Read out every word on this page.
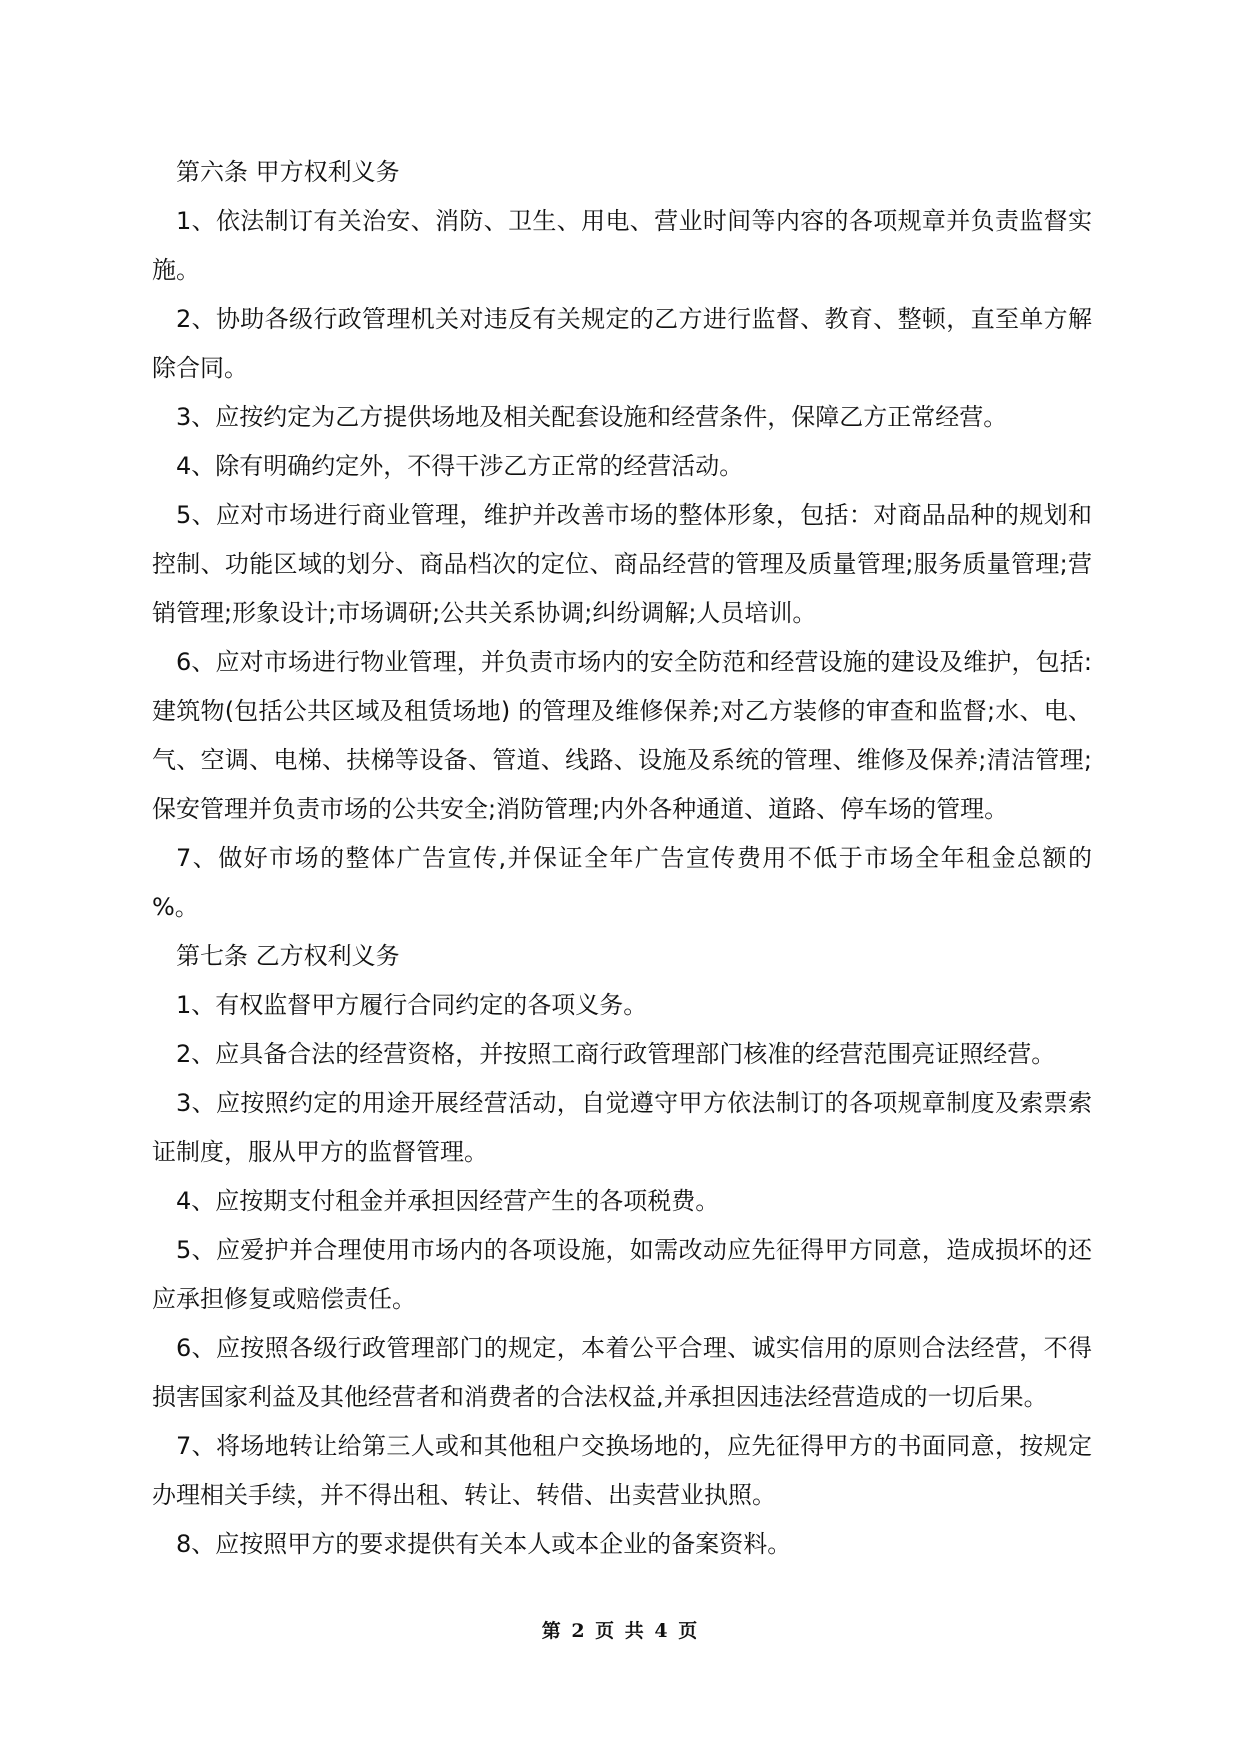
第六条 甲方权利义务

1、依法制订有关治安、消防、卫生、用电、营业时间等内容的各项规章并负责监督实施。

2、协助各级行政管理机关对违反有关规定的乙方进行监督、教育、整顿，直至单方解除合同。

3、应按约定为乙方提供场地及相关配套设施和经营条件，保障乙方正常经营。

4、除有明确约定外，不得干涉乙方正常的经营活动。

5、应对市场进行商业管理，维护并改善市场的整体形象，包括：对商品品种的规划和控制、功能区域的划分、商品档次的定位、商品经营的管理及质量管理;服务质量管理;营销管理;形象设计;市场调研;公共关系协调;纠纷调解;人员培训。

6、应对市场进行物业管理，并负责市场内的安全防范和经营设施的建设及维护，包括: 建筑物(包括公共区域及租赁场地) 的管理及维修保养;对乙方装修的审查和监督;水、电、气、空调、电梯、扶梯等设备、管道、线路、设施及系统的管理、维修及保养;清洁管理;保安管理并负责市场的公共安全;消防管理;内外各种通道、道路、停车场的管理。

7、做好市场的整体广告宣传,并保证全年广告宣传费用不低于市场全年租金总额的 %。

第七条 乙方权利义务

1、有权监督甲方履行合同约定的各项义务。

2、应具备合法的经营资格，并按照工商行政管理部门核准的经营范围亮证照经营。

3、应按照约定的用途开展经营活动，自觉遵守甲方依法制订的各项规章制度及索票索证制度，服从甲方的监督管理。

4、应按期支付租金并承担因经营产生的各项税费。

5、应爱护并合理使用市场内的各项设施，如需改动应先征得甲方同意，造成损坏的还应承担修复或赔偿责任。

6、应按照各级行政管理部门的规定，本着公平合理、诚实信用的原则合法经营，不得损害国家利益及其他经营者和消费者的合法权益,并承担因违法经营造成的一切后果。

7、将场地转让给第三人或和其他租户交换场地的，应先征得甲方的书面同意，按规定办理相关手续，并不得出租、转让、转借、出卖营业执照。

8、应按照甲方的要求提供有关本人或本企业的备案资料。

第 2 页 共 4 页
